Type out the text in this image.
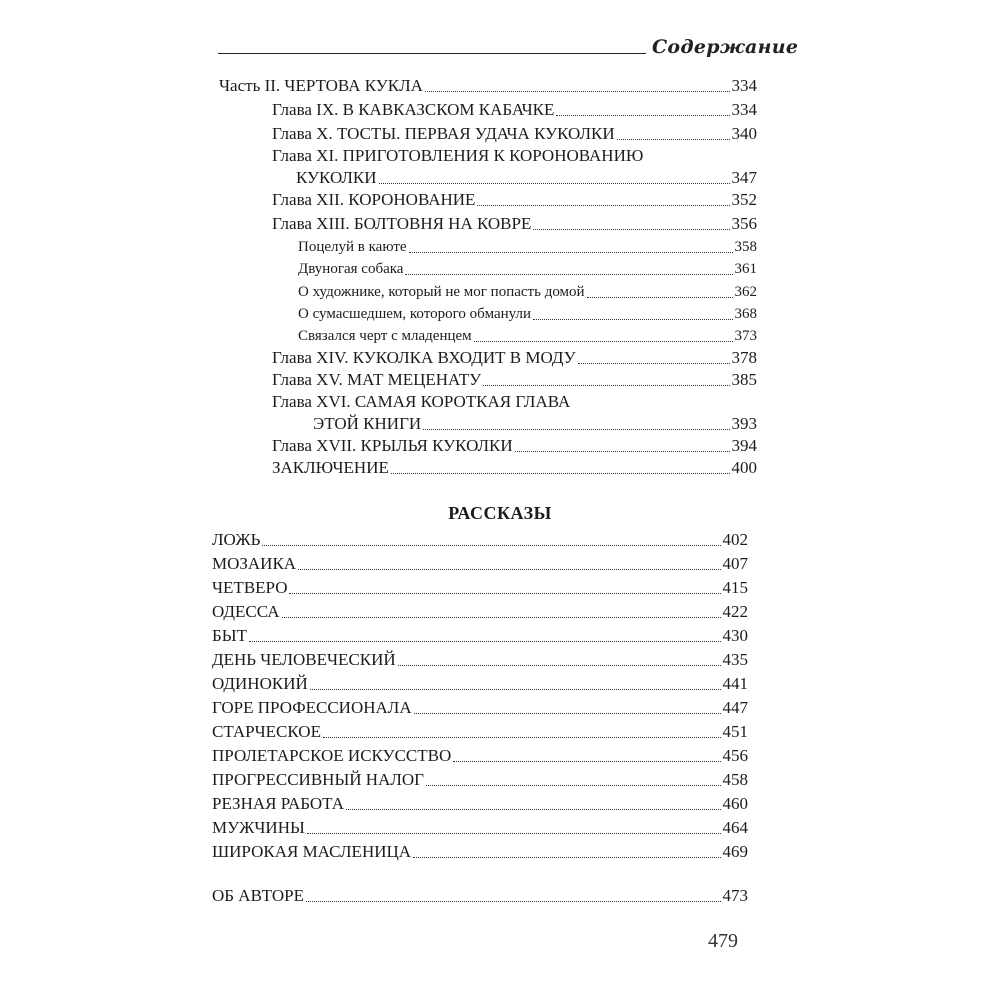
Содержание
Часть II. ЧЕРТОВА КУКЛА	334
Глава IX. В КАВКАЗСКОМ КАБАЧКЕ	334
Глава X. ТОСТЫ. ПЕРВАЯ УДАЧА КУКОЛКИ	340
Глава XI. ПРИГОТОВЛЕНИЯ К КОРОНОВАНИЮ
КУКОЛКИ	347
Глава XII. КОРОНОВАНИЕ	352
Глава XIII. БОЛТОВНЯ НА КОВРЕ	356
Поцелуй в каюте	358
Двуногая собака	361
О художнике, который не мог попасть домой	362
О сумасшедшем, которого обманули	368
Связался черт с младенцем	373
Глава XIV. КУКОЛКА ВХОДИТ В МОДУ	378
Глава XV. МАТ МЕЦЕНАТУ	385
Глава XVI. САМАЯ КОРОТКАЯ ГЛАВА
ЭТОЙ КНИГИ	393
Глава XVII. КРЫЛЬЯ КУКОЛКИ	394
ЗАКЛЮЧЕНИЕ	400
РАССКАЗЫ
ЛОЖЬ	402
МОЗАИКА	407
ЧЕТВЕРО	415
ОДЕССА	422
БЫТ	430
ДЕНЬ ЧЕЛОВЕЧЕСКИЙ	435
ОДИНОКИЙ	441
ГОРЕ ПРОФЕССИОНАЛА	447
СТАРЧЕСКОЕ	451
ПРОЛЕТАРСКОЕ ИСКУССТВО	456
ПРОГРЕССИВНЫЙ НАЛОГ	458
РЕЗНАЯ РАБОТА	460
МУЖЧИНЫ	464
ШИРОКАЯ МАСЛЕНИЦА	469
ОБ АВТОРЕ	473
479
